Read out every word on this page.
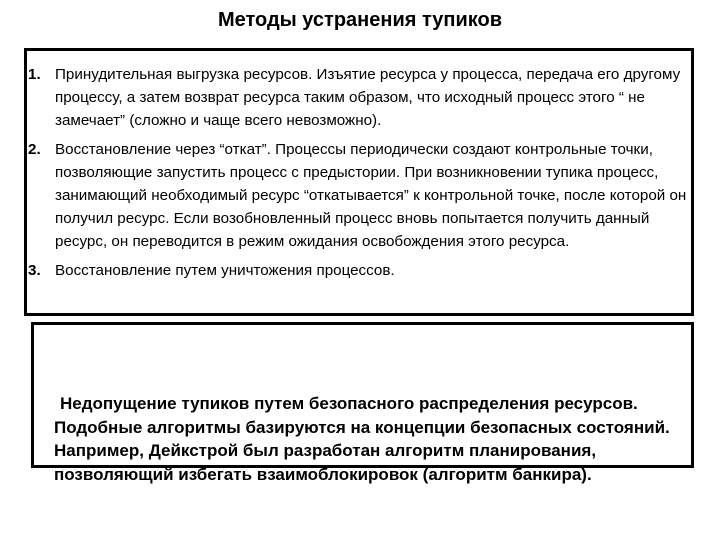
Методы устранения тупиков
1. Принудительная выгрузка ресурсов. Изъятие ресурса у процесса, передача его другому процессу, а затем возврат ресурса таким образом, что исходный процесс этого “ не замечает” (сложно и чаще всего невозможно).
2. Восстановление через “откат”. Процессы периодически создают контрольные точки, позволяющие запустить процесс с предыстории. При возникновении тупика процесс, занимающий необходимый ресурс “откатывается” к контрольной точке, после которой он получил ресурс. Если возобновленный процесс вновь попытается получить данный ресурс, он переводится в режим ожидания освобождения этого ресурса.
3. Восстановление путем уничтожения процессов.
Недопущение тупиков путем безопасного распределения ресурсов. Подобные алгоритмы базируются на концепции безопасных состояний. Например, Дейкстрой был разработан алгоритм планирования, позволяющий избегать взаимоблокировок (алгоритм банкира).
